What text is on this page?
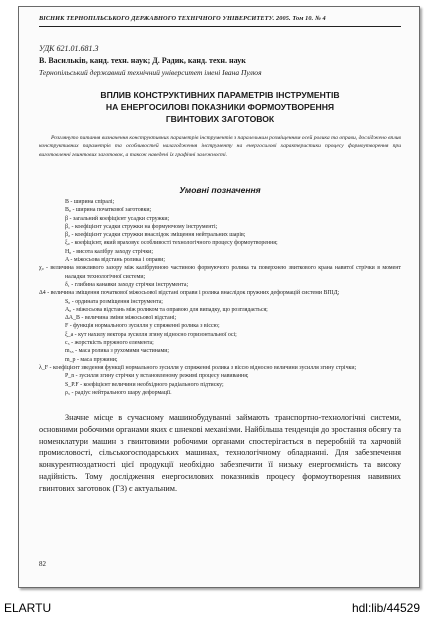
ВІСНИК ТЕРНОПІЛЬСЬКОГО ДЕРЖАВНОГО ТЕХНІЧНОГО УНІВЕРСИТЕТУ. 2005. Том 10. № 4
УДК 621.01.681.3
В. Васильків, канд. техн. наук; Д. Радик, канд. техн. наук
Тернопільський державний технічний університет імені Івана Пулюя
ВПЛИВ КОНСТРУКТИВНИХ ПАРАМЕТРІВ ІНСТРУМЕНТІВ
НА ЕНЕРГОСИЛОВІ ПОКАЗНИКИ ФОРМОУТВОРЕННЯ
ГВИНТОВИХ ЗАГОТОВОК

Розглянуто питання визначення конструктивних параметрів інструментів з паралельним розміщенням осей ролика та оправи, досліджено вплив конструктивних параметрів та особливостей налагодження інструменту на енергосилові характеристики процесу формоутворення при виготовленні гвинтових заготовок, а також наведені їх графічні залежності.

Умовні позначення
B - ширина спіралі;
B₀ - ширина початкової заготовки;
β - загальний коефіцієнт усадки стружки;
β₁ - коефіцієнт усадки стружки на формуючому інструменті;
β₂ - коефіцієнт усадки стружки внаслідок зміщення нейтральних шарів;
ξ₀ - коефіцієнт, який враховує особливості технологічного процесу формоутворення;
H₀ - висота калібру заходу стрічки;
A - міжосьова відстань ролика і оправи;
χ₀ - величина можливого зазору між калібрувною частиною формуючого ролика та поверхнею звиткового крана навитої стрічки в момент наладки технологічної системи;
δ₁ - глибина канавки заходу стрічки інструмента;
Δ4 - величина зміщення початкової міжосьової відстані оправи і ролика внаслідок пружних деформацій системи ВПІД;
S₀ - ордината розміщення інструмента;
A₀ - міжосьова відстань між роликом та оправою для випадку, що розглядається;
ΔA_B - величина зміни міжосьової відстані;
F - функція нормального зусилля у спряженні ролика з віссю;
ξ_a - кут нахилу вектора зусилля згину відносно горизонтальної осі;
c₅ - жорсткість пружного елемента;
m₅₅ - маса ролика з рухомими частинами;
m_p - маса пружини;
λ_F - коефіцієнт зведення функції нормального зусилля у спряженні ролика з віссю відносно величини зусилля згину стрічки;
P_n - зусилля згину стрічки у встановленому режимі процесу навивання;
S_P.F - коефіцієнт величини необхідного радіального підтиску;
ρ₅ - радіус нейтрального шару деформації.

Значне місце в сучасному машинобудуванні займають транспортно-технологічні системи, основними робочими органами яких є шнекові механізми. Найбільша тенденція до зростання обсягу та номенклатури машин з гвинтовими робочими органами спостерігається в переробній та харчовій промисловості, сільськогосподарських машинах, технологічному обладнанні. Для забезпечення конкурентноздатності цієї продукції необхідно забезпечити її низьку енергоємність та високу надійність. Тому дослідження енергосилових показників процесу формоутворення навивних гвинтових заготовок (ГЗ) є актуальним.

82
ELARTU	hdl:lib/44529
